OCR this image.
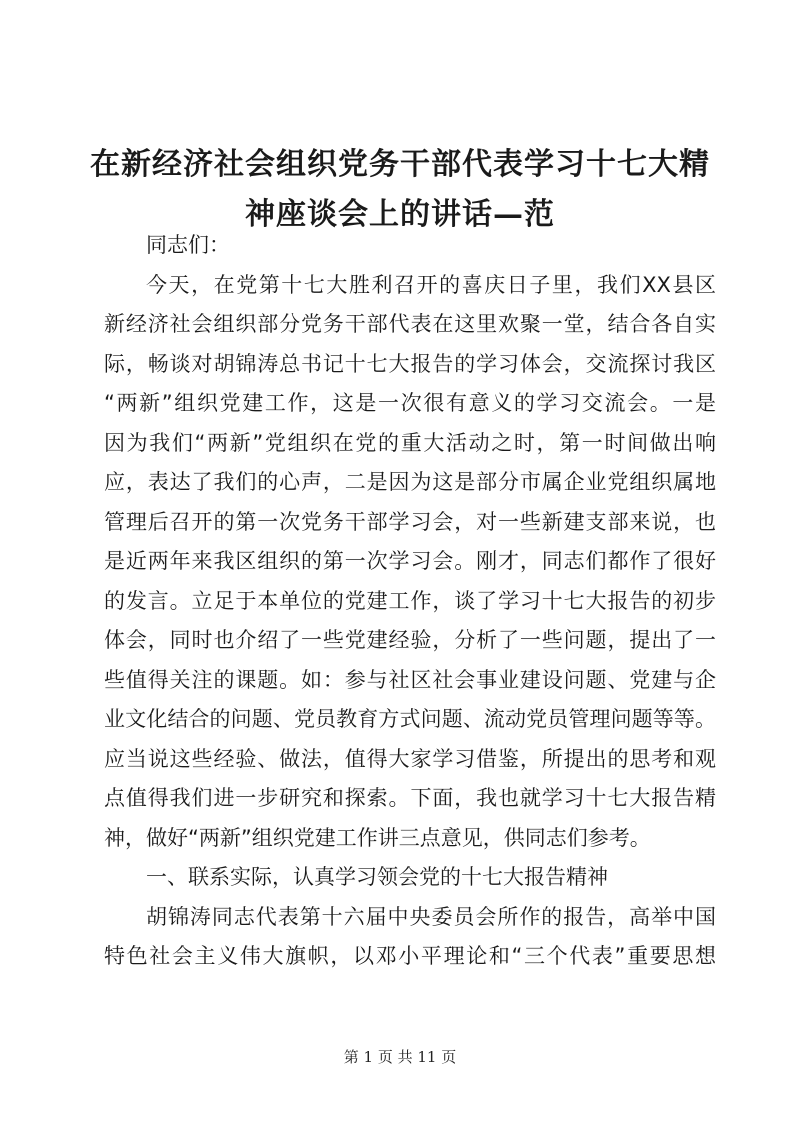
在新经济社会组织党务干部代表学习十七大精
神座谈会上的讲话—范
同志们：
今天，在党第十七大胜利召开的喜庆日子里，我们XX县区
新经济社会组织部分党务干部代表在这里欢聚一堂，结合各自实
际，畅谈对胡锦涛总书记十七大报告的学习体会，交流探讨我区
“两新”组织党建工作，这是一次很有意义的学习交流会。一是
因为我们“两新”党组织在党的重大活动之时，第一时间做出响
应，表达了我们的心声，二是因为这是部分市属企业党组织属地
管理后召开的第一次党务干部学习会，对一些新建支部来说，也
是近两年来我区组织的第一次学习会。刚才，同志们都作了很好
的发言。立足于本单位的党建工作，谈了学习十七大报告的初步
体会，同时也介绍了一些党建经验，分析了一些问题，提出了一
些值得关注的课题。如：参与社区社会事业建设问题、党建与企
业文化结合的问题、党员教育方式问题、流动党员管理问题等等。
应当说这些经验、做法，值得大家学习借鉴，所提出的思考和观
点值得我们进一步研究和探索。下面，我也就学习十七大报告精
神，做好“两新”组织党建工作讲三点意见，供同志们参考。
一、联系实际，认真学习领会党的十七大报告精神
胡锦涛同志代表第十六届中央委员会所作的报告，高举中国
特色社会主义伟大旗帜，以邓小平理论和“三个代表”重要思想
第 1 页 共 11 页
